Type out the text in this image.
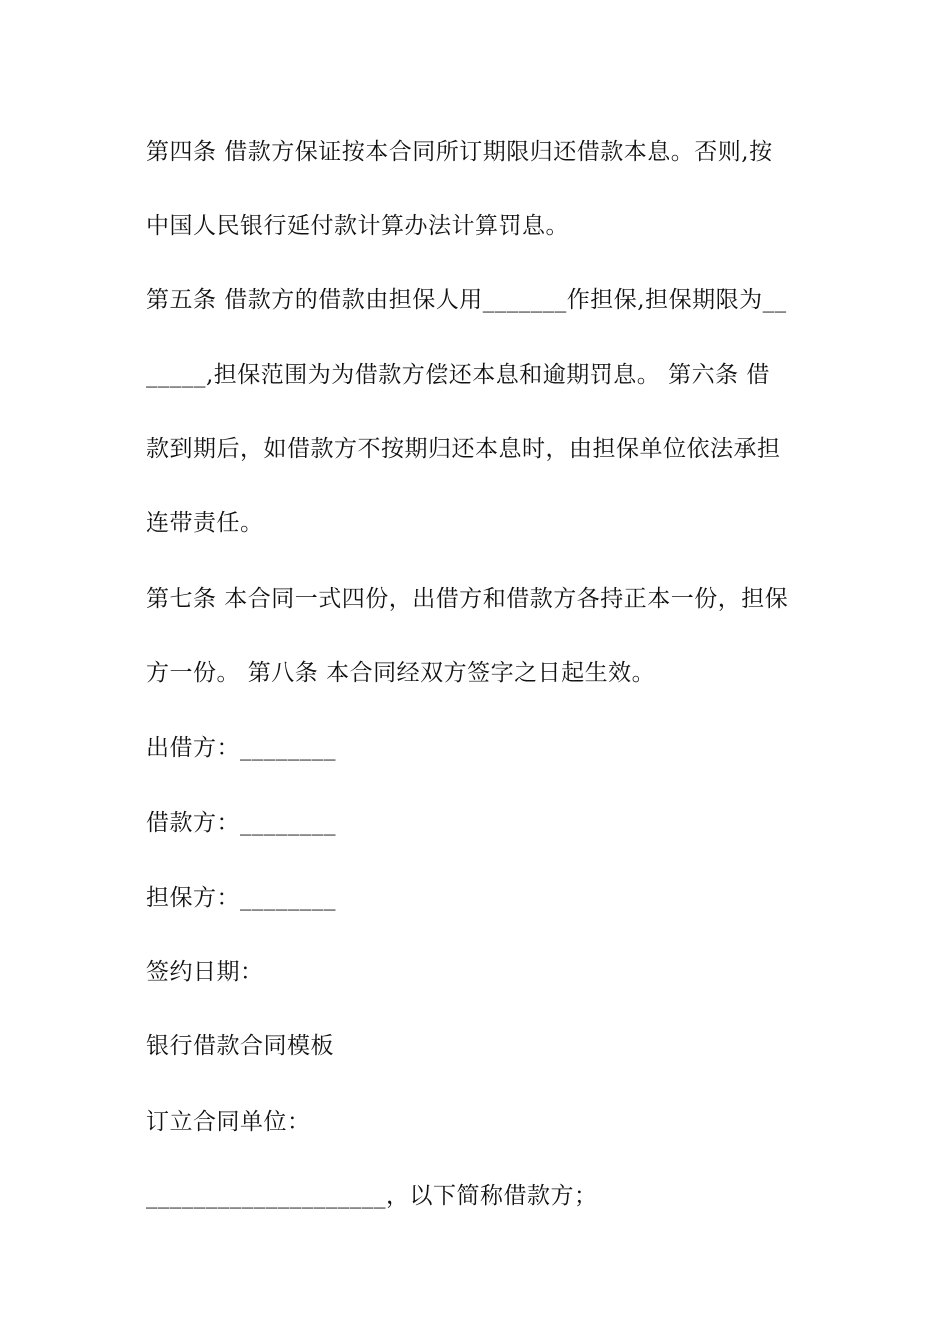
第四条 借款方保证按本合同所订期限归还借款本息。否则,按
中国人民银行延付款计算办法计算罚息。
第五条 借款方的借款由担保人用_______作担保,担保期限为__
_____,担保范围为为借款方偿还本息和逾期罚息。 第六条 借
款到期后，如借款方不按期归还本息时，由担保单位依法承担
连带责任。
第七条 本合同一式四份，出借方和借款方各持正本一份，担保
方一份。 第八条 本合同经双方签字之日起生效。
出借方：________
借款方：________
担保方：________
签约日期：
银行借款合同模板
订立合同单位：
____________________，以下简称借款方；
